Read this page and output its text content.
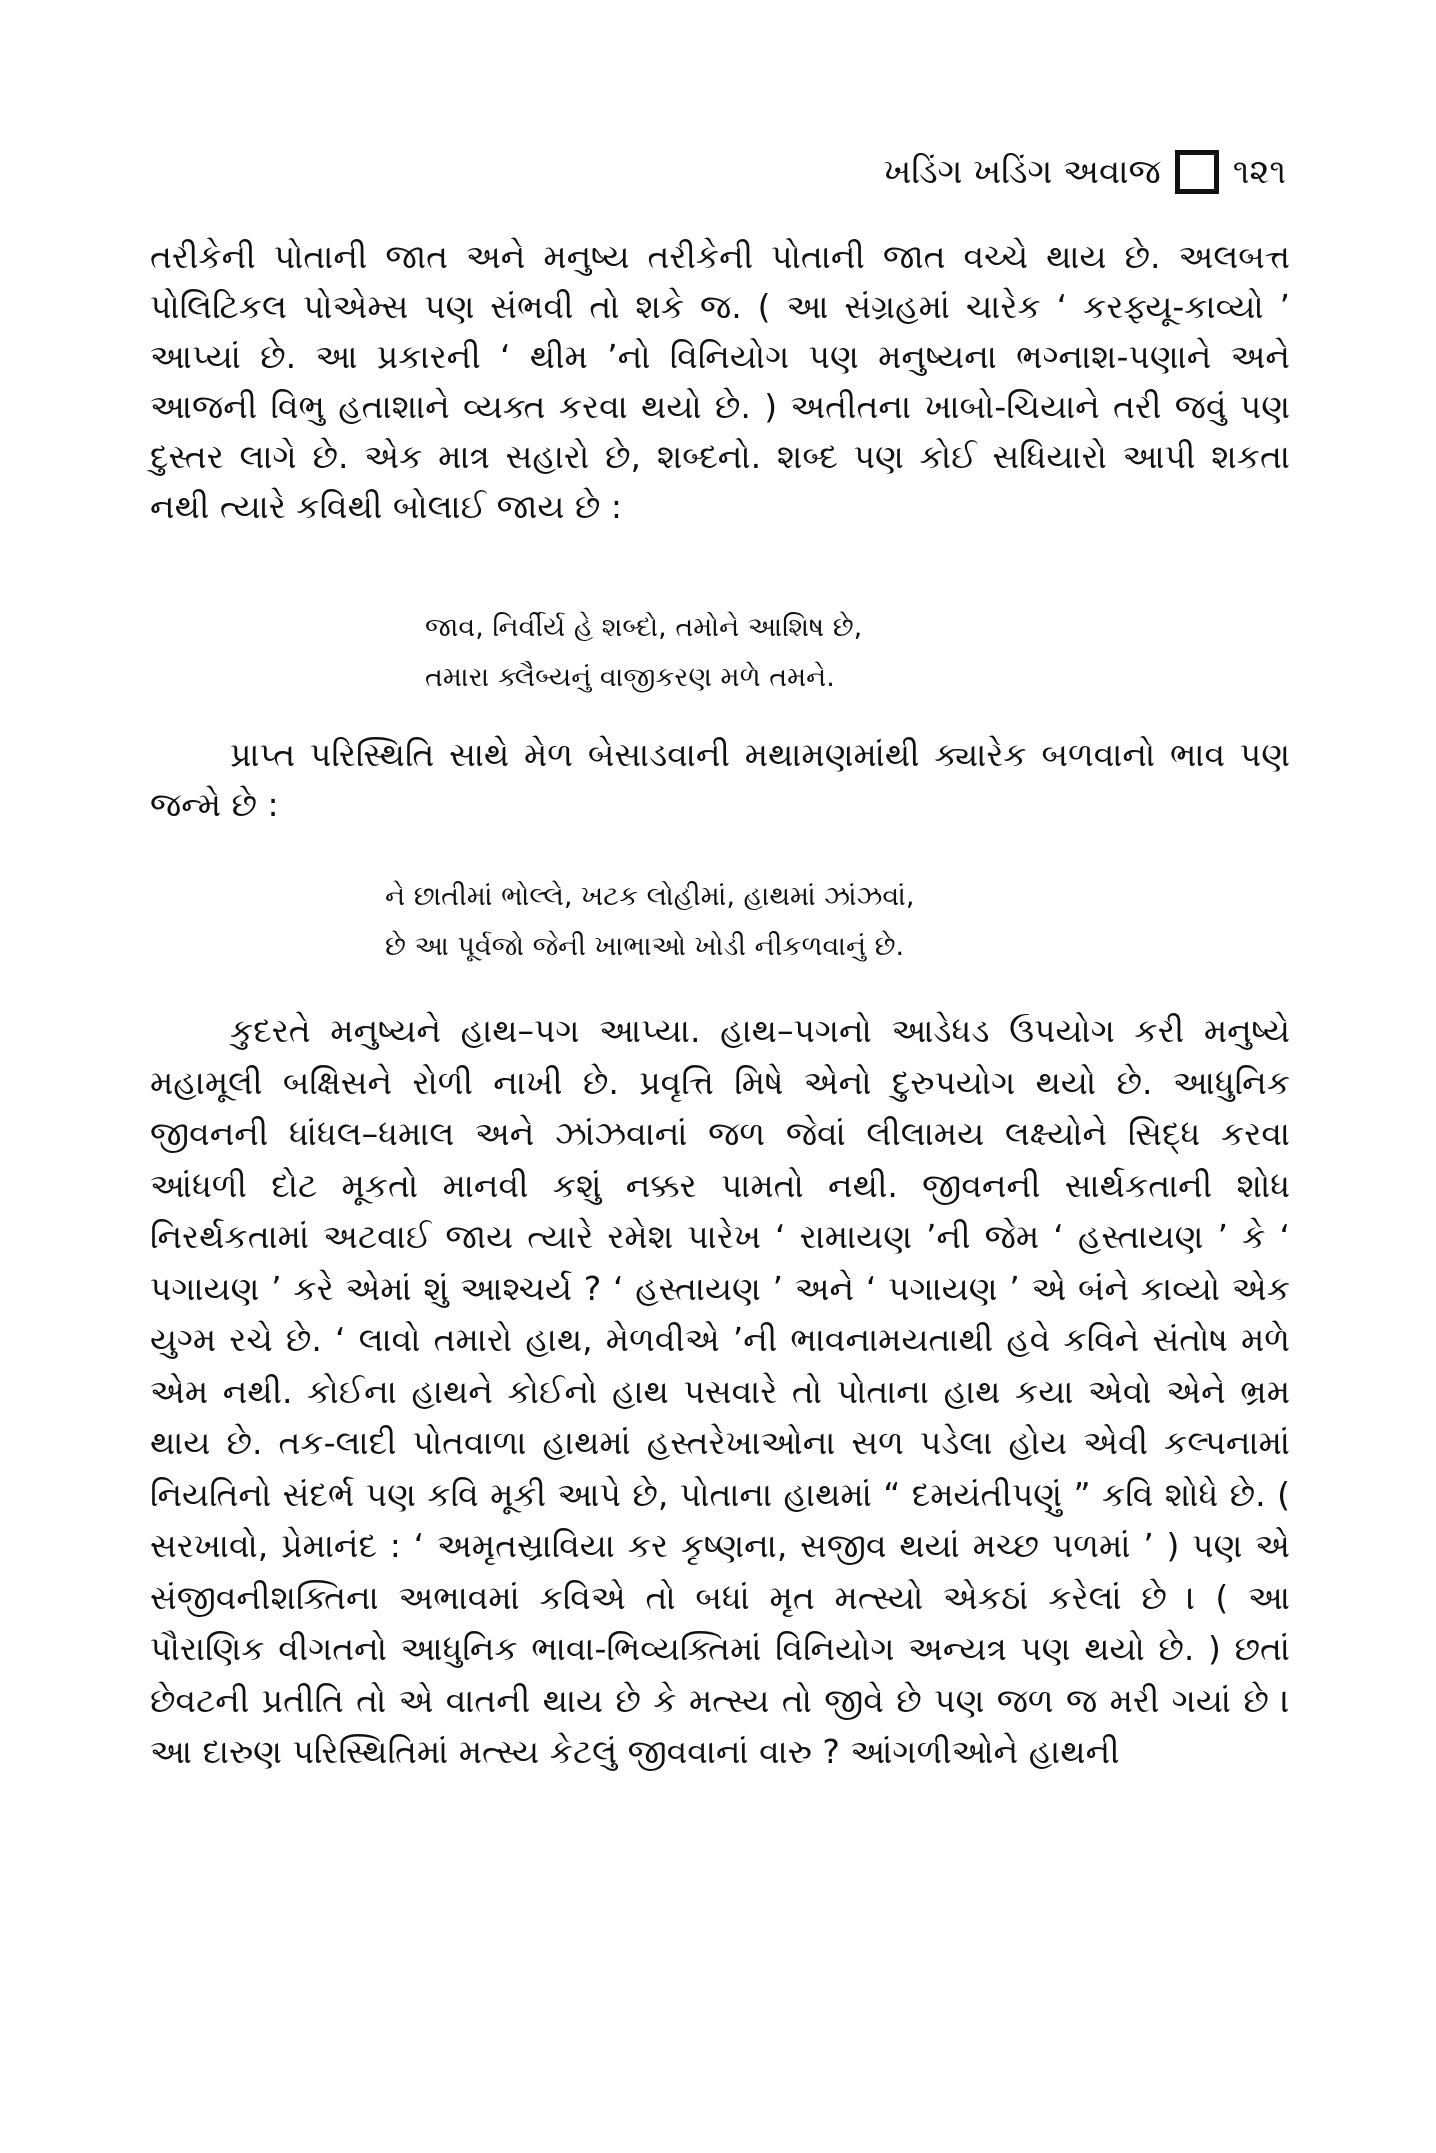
ખડિંગ ખડિંગ અવાજ ૧૨૧

તરીકેની પોતાની જાત અને મનુષ્ય તરીકેની પોતાની જાત વચ્ચે થાય છે. અલબત્ત પોલિટિકલ પોએમ્સ પણ સંભવી તો શકે જ. ( આ સંગ્રહમાં ચારેક ‘ કરફ્યૂ-કાવ્યો ’ આપ્યાં છે. આ પ્રકારની ‘ થીમ ’નો વિનિયોગ પણ મનુષ્યના ભગ્નાશ-પણાને અને આજની વિભુ હતાશાને વ્યક્ત કરવા થયો છે. ) અતીતના ખાબો-ચિયાને તરી જવું પણ દુસ્તર લાગે છે. એક માત્ર સહારો છે, શબ્દનો. શબ્દ પણ કોઈ સધિયારો આપી શકતા નથી ત્યારે કવિથી બોલાઈ જાય છે :

જાવ, નિર્વીર્ય હે શબ્દો, તમોને આશિષ છે,
તમારા ક્લૈબ્યનું વાજીકરણ મળે તમને.

પ્રાપ્ત પરિસ્થિતિ સાથે મેળ બેસાડવાની મથામણમાંથી ક્યારેક બળવાનો ભાવ પણ જન્મે છે :

ને છાતીમાં ભોલ્લે, ખટક લોહીમાં, હાથમાં ઝાંઝવાં,
છે આ પૂર્વજો જેની ખાભાઓ ખોડી નીકળવાનું છે.

કુદરતે મનુષ્યને હાથ–પગ આપ્યા. હાથ–પગનો આડેધડ ઉપયોગ કરી મનુષ્યે મહામૂલી બક્ષિસને રોળી નાખી છે. પ્રવૃત્તિ મિષે એનો દુરુપયોગ થયો છે. આધુનિક જીવનની ધાંધલ–ધમાલ અને ઝાંઝવાનાં જળ જેવાં લીલામય લક્ષ્યોને સિદ્ધ કરવા આંધળી દોટ મૂકતો માનવી કશું નક્કર પામતો નથી. જીવનની સાર્થકતાની શોધ નિરર્થકતામાં અટવાઈ જાય ત્યારે રમેશ પારેખ ‘ રામાયણ ’ની જેમ ‘ હસ્તાયણ ’ કે ‘ પગાયણ ’ કરે એમાં શું આશ્ચર્ય ? ‘ હસ્તાયણ ’ અને ‘ પગાયણ ’ એ બંને કાવ્યો એક યુગ્મ રચે છે. ‘ લાવો તમારો હાથ, મેળવીએ ’ની ભાવનામયતાથી હવે કવિને સંતોષ મળે એમ નથી. કોઈના હાથને કોઈનો હાથ પસવારે તો પોતાના હાથ કયા એવો એને ભ્રમ થાય છે. તક-લાદી પોતવાળા હાથમાં હસ્તરેખાઓના સળ પડેલા હોય એવી કલ્પનામાં નિયતિનો સંદર્ભ પણ કવિ મૂકી આપે છે, પોતાના હાથમાં “ દમયંતીપણું ” કવિ શોધે છે. ( સરખાવો, પ્રેમાનંદ : ‘ અમૃતસ્રાવિયા કર કૃષ્ણના, સજીવ થયાં મચ્છ પળમાં ’ ) પણ એ સંજીવનીશક્તિના અભાવમાં કવિએ તો બધાં મૃત મત્સ્યો એકઠાં કરેલાં છે । ( આ પૌરાણિક વીગતનો આધુનિક ભાવા-ભિવ્યક્તિમાં વિનિયોગ અન્યત્ર પણ થયો છે. ) છતાં છેવટની પ્રતીતિ તો એ વાતની થાય છે કે મત્સ્ય તો જીવે છે પણ જળ જ મરી ગયાં છે । આ દારુણ પરિસ્થિતિમાં મત્સ્ય કેટલું જીવવાનાં વારુ ? આંગળીઓને હાથની
